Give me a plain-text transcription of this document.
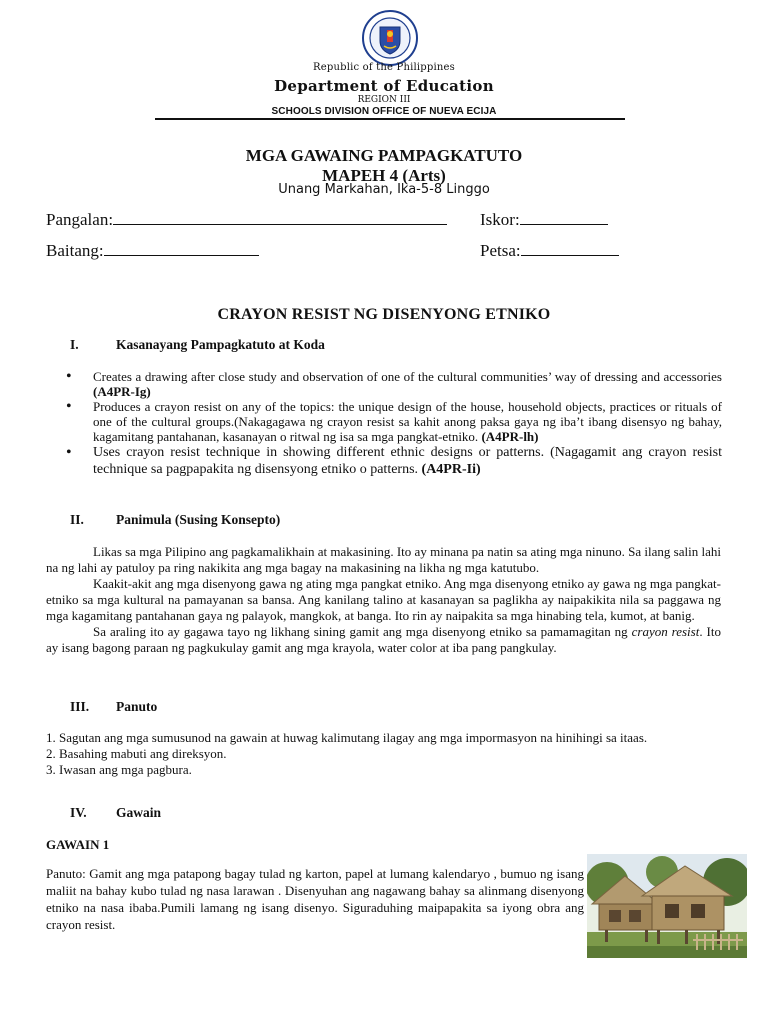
Republic of the Philippines
Department of Education
REGION III
SCHOOLS DIVISION OFFICE OF NUEVA ECIJA
MGA GAWAING PAMPAGKATUTO
MAPEH 4 (Arts)
Unang Markahan, Ika-5-8 Linggo
Pangalan:	Iskor:
Baitang:	Petsa:
CRAYON RESIST NG DISENYONG ETNIKO
I.	Kasanayang Pampagkatuto at Koda
• Creates a drawing after close study and observation of one of the cultural communities’ way of dressing and accessories (A4PR-Ig)
• Produces a crayon resist on any of the topics: the unique design of the house, household objects, practices or rituals of one of the cultural groups.(Nakagagawa ng crayon resist sa kahit anong paksa gaya ng iba’t ibang disensyo ng bahay, kagamitang pantahanan, kasanayan o ritwal ng isa sa mga pangkat-etniko. (A4PR-lh)
• Uses crayon resist technique in showing different ethnic designs or patterns. (Nagagamit ang crayon resist technique sa pagpapakita ng disensyong etniko o patterns. (A4PR-Ii)
II. Panimula (Susing Konsepto)

Likas sa mga Pilipino ang pagkamalikhain at makasining. Ito ay minana pa natin sa ating mga ninuno. Sa ilang salin lahi na ng lahi ay patuloy pa ring nakikita ang mga bagay na makasining na likha ng mga katutubo.

Kaakit-akit ang mga disenyong gawa ng ating mga pangkat etniko. Ang mga disenyong etniko ay gawa ng mga pangkat-etniko sa mga kultural na pamayanan sa bansa. Ang kanilang talino at kasanayan sa paglikha ay naipakikita nila sa paggawa ng mga kagamitang pantahanan gaya ng palayok, mangkok, at banga. Ito rin ay naipakita sa mga hinabing tela, kumot, at banig.

Sa araling ito ay gagawa tayo ng likhang sining gamit ang mga disenyong etniko sa pamamagitan ng crayon resist. Ito ay isang bagong paraan ng pagkukulay gamit ang mga krayola, water color at iba pang pangkulay.

III. Panuto
1. Sagutan ang mga sumusunod na gawain at huwag kalimutang ilagay ang mga impormasyon na hinihingi sa itaas.
2. Basahing mabuti ang direksyon.
3. Iwasan ang mga pagbura.
IV. Gawain
GAWAIN 1
Panuto: Gamit ang mga patapong bagay tulad ng karton, papel at lumang kalendaryo , bumuo ng isang maliit na bahay kubo tulad ng nasa larawan . Disenyuhan ang nagawang bahay sa alinmang disenyong etniko na nasa ibaba.Pumili lamang ng isang disenyo. Siguraduhing maipapakita sa iyong obra ang crayon resist.
